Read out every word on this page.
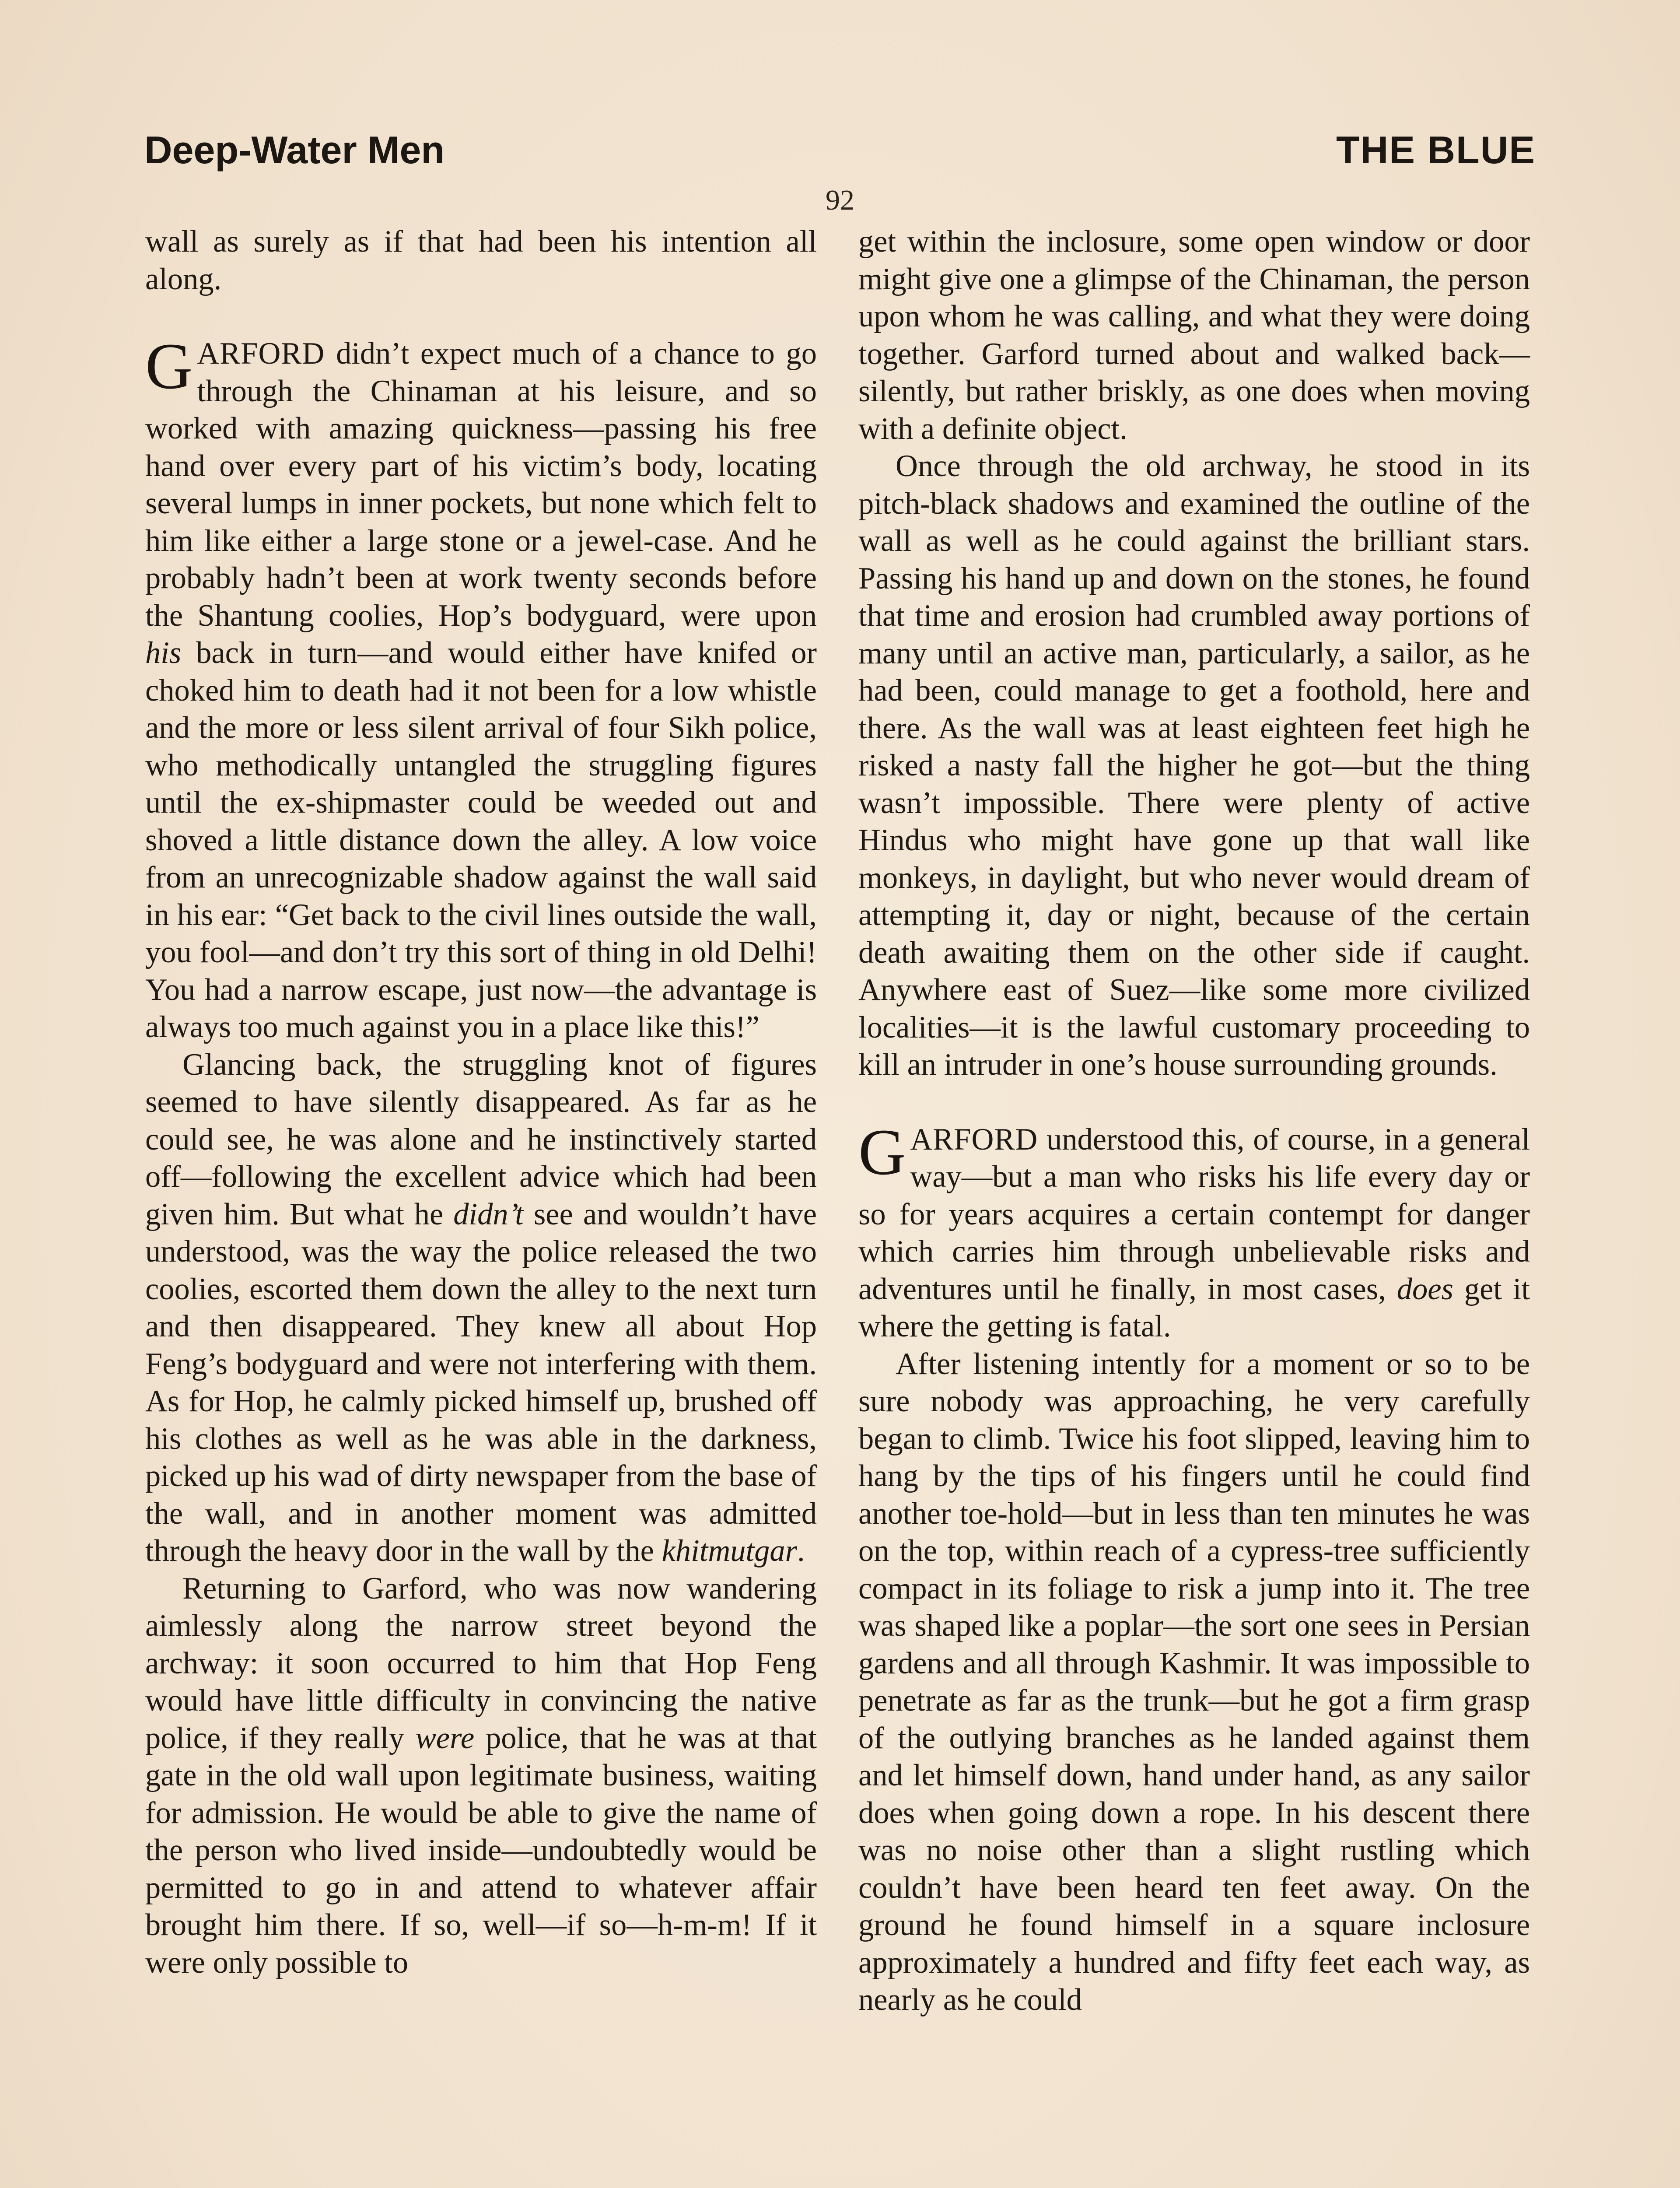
Deep-Water Men	THE BLUE
92

wall as surely as if that had been his intention all along.

GARFORD didn’t expect much of a chance to go through the Chinaman at his leisure, and so worked with amazing quickness—passing his free hand over every part of his victim’s body, locating several lumps in inner pockets, but none which felt to him like either a large stone or a jewel-case. And he probably hadn’t been at work twenty seconds before the Shantung coolies, Hop’s bodyguard, were upon his back in turn—and would either have knifed or choked him to death had it not been for a low whistle and the more or less silent arrival of four Sikh police, who methodically untangled the struggling figures until the ex-shipmaster could be weeded out and shoved a little distance down the alley. A low voice from an unrecognizable shadow against the wall said in his ear: “Get back to the civil lines outside the wall, you fool—and don’t try this sort of thing in old Delhi! You had a narrow escape, just now—the advantage is always too much against you in a place like this!”

Glancing back, the struggling knot of figures seemed to have silently disappeared. As far as he could see, he was alone and he instinctively started off—following the excellent advice which had been given him. But what he didn’t see and wouldn’t have understood, was the way the police released the two coolies, escorted them down the alley to the next turn and then disappeared. They knew all about Hop Feng’s bodyguard and were not interfering with them. As for Hop, he calmly picked himself up, brushed off his clothes as well as he was able in the darkness, picked up his wad of dirty newspaper from the base of the wall, and in another moment was admitted through the heavy door in the wall by the khitmutgar.

Returning to Garford, who was now wandering aimlessly along the narrow street beyond the archway: it soon occurred to him that Hop Feng would have little difficulty in convincing the native police, if they really were police, that he was at that gate in the old wall upon legitimate business, waiting for admission. He would be able to give the name of the person who lived inside—undoubtedly would be permitted to go in and attend to whatever affair brought him there. If so, well—if so—h-m-m! If it were only possible to

get within the inclosure, some open window or door might give one a glimpse of the Chinaman, the person upon whom he was calling, and what they were doing together. Garford turned about and walked back—silently, but rather briskly, as one does when moving with a definite object.

Once through the old archway, he stood in its pitch-black shadows and examined the outline of the wall as well as he could against the brilliant stars. Passing his hand up and down on the stones, he found that time and erosion had crumbled away portions of many until an active man, particularly, a sailor, as he had been, could manage to get a foothold, here and there. As the wall was at least eighteen feet high he risked a nasty fall the higher he got—but the thing wasn’t impossible. There were plenty of active Hindus who might have gone up that wall like monkeys, in daylight, but who never would dream of attempting it, day or night, because of the certain death awaiting them on the other side if caught. Anywhere east of Suez—like some more civilized localities—it is the lawful customary proceeding to kill an intruder in one’s house surrounding grounds.

GARFORD understood this, of course, in a general way—but a man who risks his life every day or so for years acquires a certain contempt for danger which carries him through unbelievable risks and adventures until he finally, in most cases, does get it where the getting is fatal.

After listening intently for a moment or so to be sure nobody was approaching, he very carefully began to climb. Twice his foot slipped, leaving him to hang by the tips of his fingers until he could find another toe-hold—but in less than ten minutes he was on the top, within reach of a cypress-tree sufficiently compact in its foliage to risk a jump into it. The tree was shaped like a poplar—the sort one sees in Persian gardens and all through Kashmir. It was impossible to penetrate as far as the trunk—but he got a firm grasp of the outlying branches as he landed against them and let himself down, hand under hand, as any sailor does when going down a rope. In his descent there was no noise other than a slight rustling which couldn’t have been heard ten feet away. On the ground he found himself in a square inclosure approximately a hundred and fifty feet each way, as nearly as he could
